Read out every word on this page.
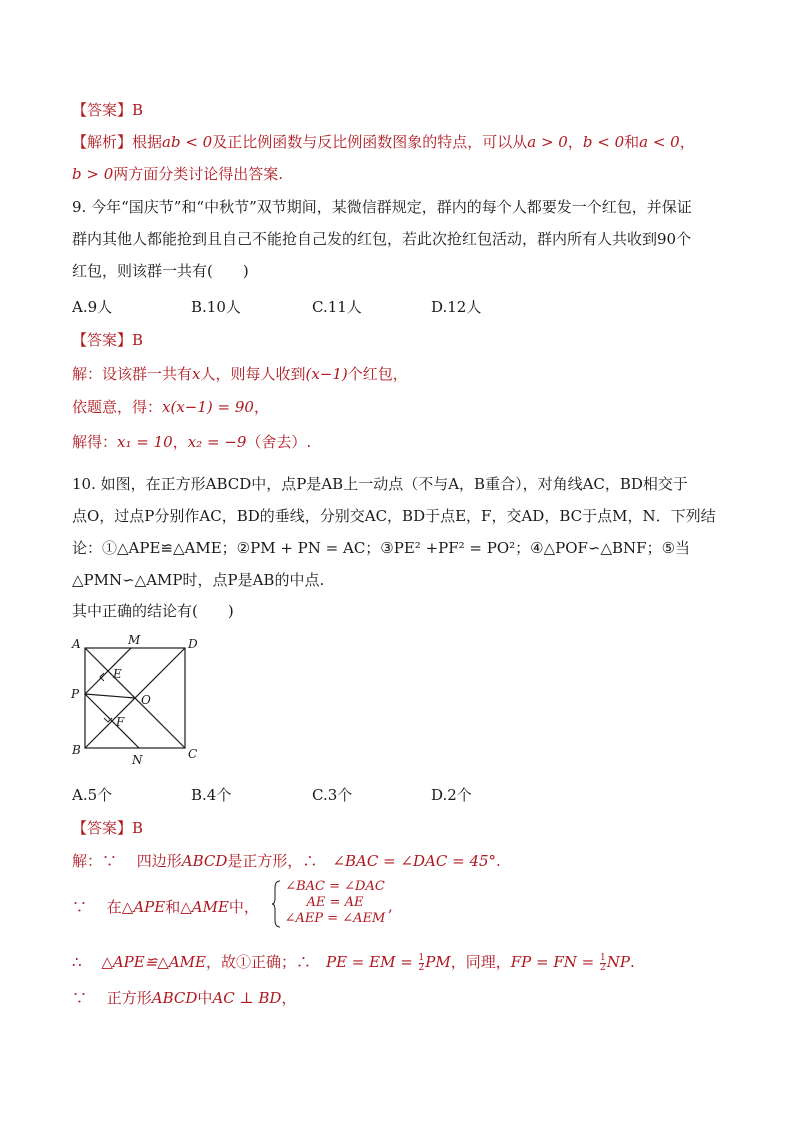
【答案】B
【解析】根据ab < 0及正比例函数与反比例函数图象的特点，可以从a > 0，b < 0和a < 0，
b > 0两方面分类讨论得出答案.
9. 今年“国庆节”和“中秋节”双节期间，某微信群规定，群内的每个人都要发一个红包，并保证
群内其他人都能抢到且自己不能抢自己发的红包，若此次抢红包活动，群内所有人共收到90个
红包，则该群一共有(　　)
A.9人	B.10人	C.11人	D.12人
【答案】B
解：设该群一共有x人，则每人收到(x−1)个红包，
依题意，得：x(x−1) = 90，
解得：x₁ = 10，x₂ = −9（舍去）.
10. 如图，在正方形ABCD中，点P是AB上一动点（不与A，B重合），对角线AC，BD相交于
点O，过点P分别作AC，BD的垂线，分别交AC，BD于点E，F，交AD，BC于点M，N．下列结
论：①△APE≌△AME；②PM + PN = AC；③PE² +PF² = PO²；④△POF∽△BNF；⑤当
△PMN∽△AMP时，点P是AB的中点.
其中正确的结论有(　　)
A	M	D
E
P	O
F
B
N	C
A.5个	B.4个	C.3个	D.2个
【答案】B
解：∵　 四边形ABCD是正方形，∴　∠BAC = ∠DAC = 45°.
∵　 在△APE和△AME中，
∠BAC = ∠DAC
AE = AE
∠AEP = ∠AEM
,
∴　 △APE≌△AME，故①正确；∴　PE = EM = $\frac{1}{2}PM$，同理，FP = FN = $\frac{1}{2}NP$.
∵　 正方形ABCD中AC ⊥ BD，
